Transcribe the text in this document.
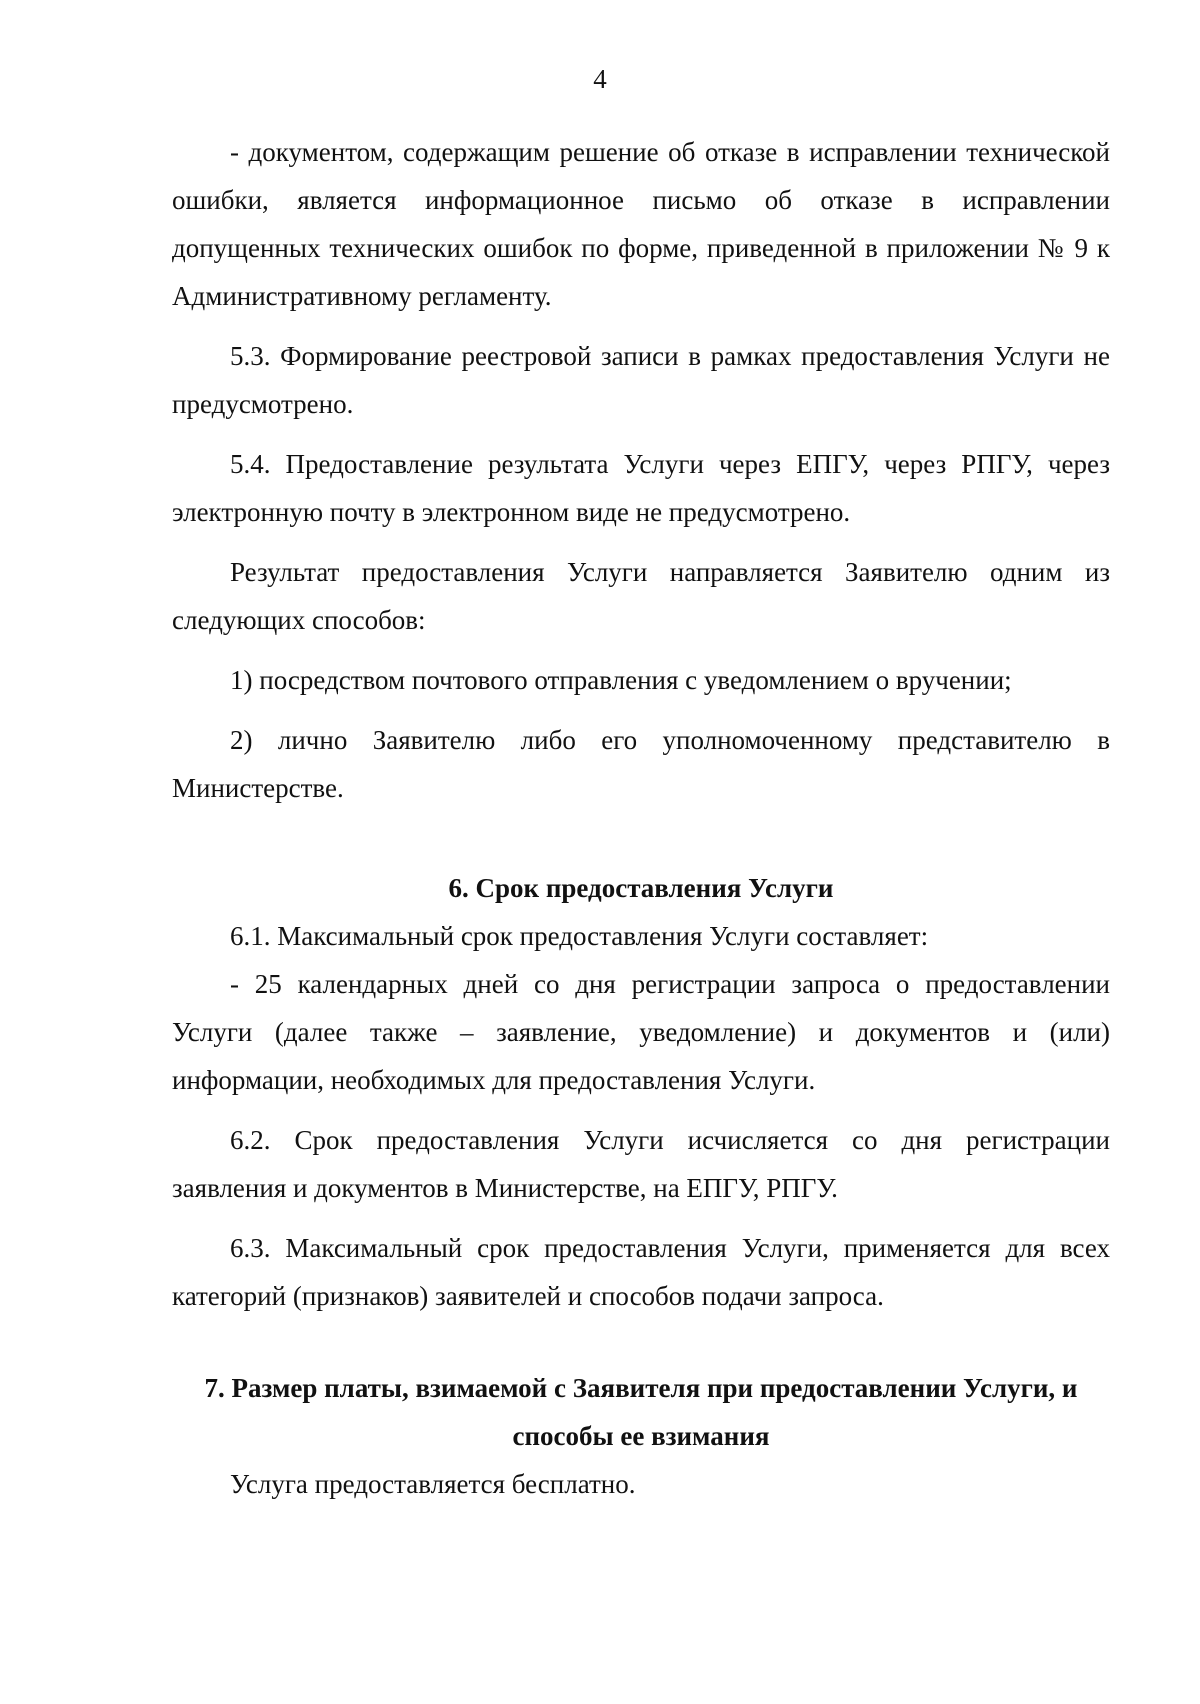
4

- документом, содержащим решение об отказе в исправлении технической ошибки, является информационное письмо об отказе в исправлении допущенных технических ошибок по форме, приведенной в приложении № 9 к Административному регламенту.

5.3. Формирование реестровой записи в рамках предоставления Услуги не предусмотрено.

5.4. Предоставление результата Услуги через ЕПГУ, через РПГУ, через электронную почту в электронном виде не предусмотрено.

Результат предоставления Услуги направляется Заявителю одним из следующих способов:

1) посредством почтового отправления с уведомлением о вручении;

2) лично Заявителю либо его уполномоченному представителю в Министерстве.

6. Срок предоставления Услуги

6.1. Максимальный срок предоставления Услуги составляет:

- 25 календарных дней со дня регистрации запроса о предоставлении Услуги (далее также – заявление, уведомление) и документов и (или) информации, необходимых для предоставления Услуги.

6.2. Срок предоставления Услуги исчисляется со дня регистрации заявления и документов в Министерстве, на ЕПГУ, РПГУ.

6.3. Максимальный срок предоставления Услуги, применяется для всех категорий (признаков) заявителей и способов подачи запроса.

7. Размер платы, взимаемой с Заявителя при предоставлении Услуги, и способы ее взимания

Услуга предоставляется бесплатно.
